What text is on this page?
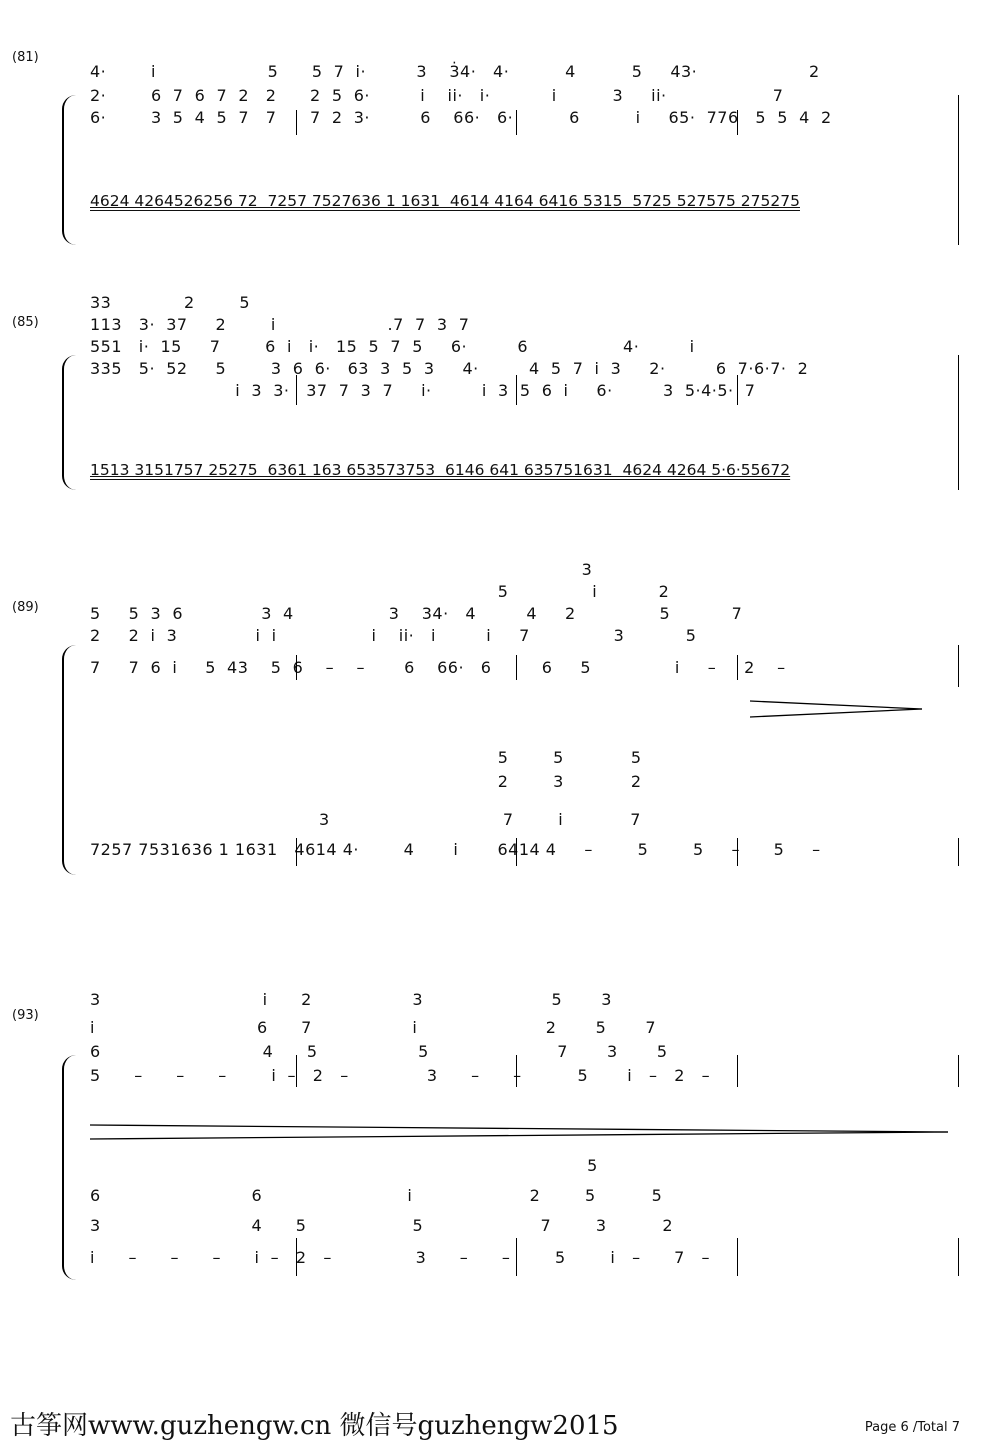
(81)
4·        i                    5      5  7  i·         3    3̇4·   4·          4          5     43·                    2
2·        6  7  6  7  2   2      2  5  6·         i    ii·   i·           i          3     ii·                   7
6·        3  5  4  5  7   7      7  2  3·         6    66·   6·          6          i     65·  776   5  5  4  2
4624 4264526256 72  7257 7527636 1 1631  4614 4164 6416 5315  5725 527575 275275
(85)
33             2        5
113   3·  37     2        i                    .7  7  3  7
551   i·  15     7        6  i   i·   15  5  7  5     6·         6                 4·         i
335   5·  52     5        3  6  6·   63  3  5  3     4·         4  5  7  i  3     2·         6  7·6·7·  2
i  3  3·   37  7  3  7     i·         i  3  5  6  i     6·         3  5·4·5·  7
1513 3151757 25275  6361 163 653573753  6146 641 635751631  4624 4264 5·6·55672
(89)
3
5               i           2
5     5  3  6              3  4                 3    34·   4         4     2               5           7
2     2  i  3              i  i                 i    ii·   i         i     7               3           5
7     7  6  i     5  43    5  6    –    –       6    66·   6         6     5               i     –     2    –
5        5            5
2        3            2
3                               7        i            7
7257 7531636 1 1631   4614 4·        4       i       6414 4     –        5        5     –      5     –
(93)
3                             i      2                  3                       5       3
i                             6      7                  i                       2       5       7
6                             4      5                  5                       7       3       5
5      –      –      –        i  –   2   –              3      –      –          5       i   –   2   –
5
6                           6                          i                     2        5          5
3                           4      5                   5                     7        3          2
i      –      –      –      i  –   2   –               3      –      –        5        i   –      7   –
古筝网www.guzhengw.cn 微信号guzhengw2015	Page 6 /Total 7
